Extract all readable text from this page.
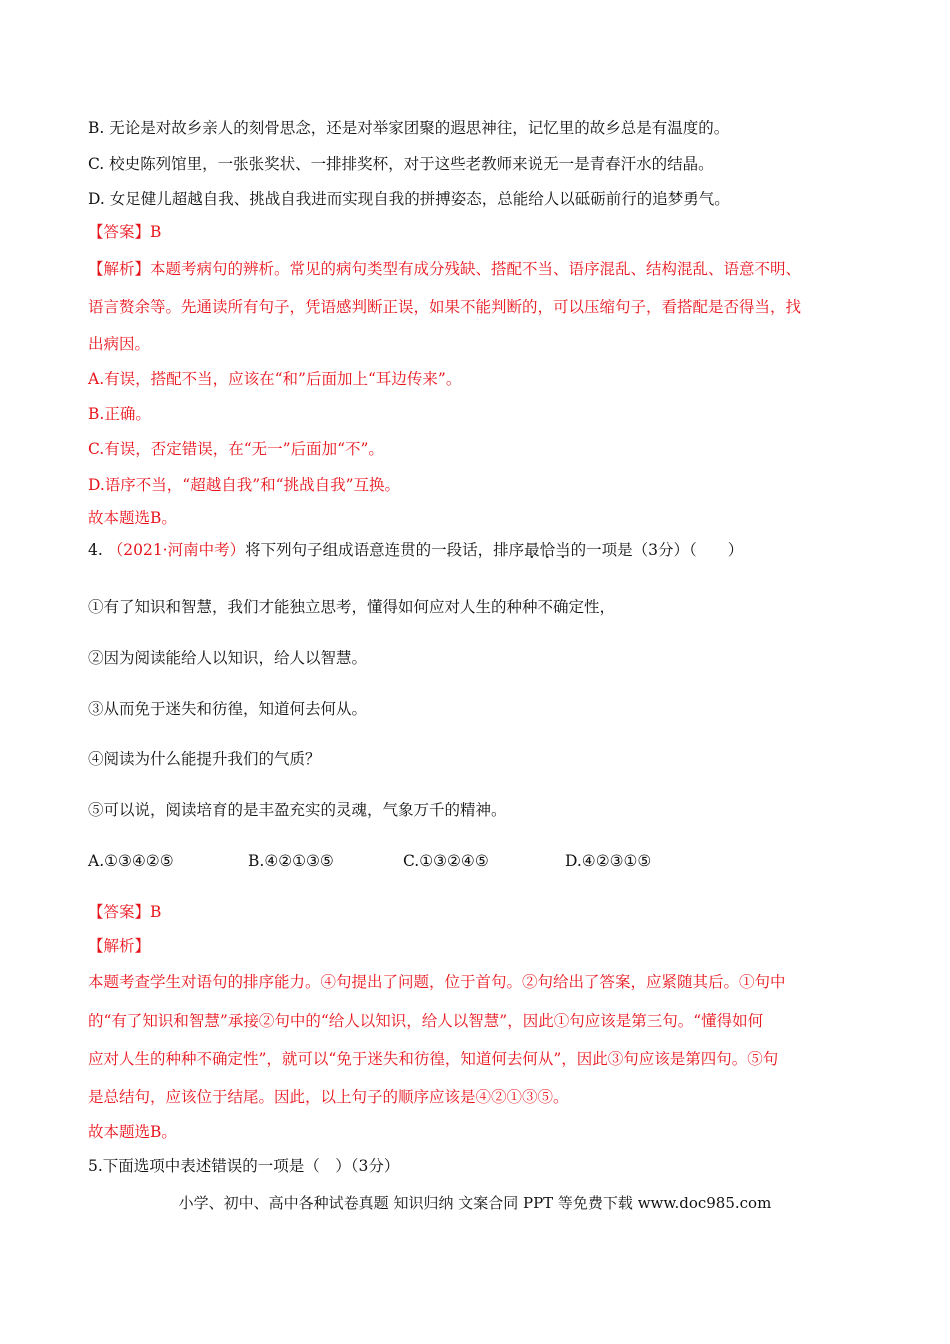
B. 无论是对故乡亲人的刻骨思念，还是对举家团聚的遐思神往，记忆里的故乡总是有温度的。
C. 校史陈列馆里，一张张奖状、一排排奖杯，对于这些老教师来说无一是青春汗水的结晶。
D. 女足健儿超越自我、挑战自我进而实现自我的拼搏姿态，总能给人以砥砺前行的追梦勇气。
【答案】B
【解析】本题考病句的辨析。常见的病句类型有成分残缺、搭配不当、语序混乱、结构混乱、语意不明、
语言赘余等。先通读所有句子，凭语感判断正误，如果不能判断的，可以压缩句子，看搭配是否得当，找
出病因。
A.有误，搭配不当，应该在“和”后面加上“耳边传来”。
B.正确。
C.有误，否定错误，在“无一”后面加“不”。
D.语序不当，“超越自我”和“挑战自我”互换。
故本题选B。
4. （2021·河南中考）将下列句子组成语意连贯的一段话，排序最恰当的一项是（3分）（　　）
①有了知识和智慧，我们才能独立思考，懂得如何应对人生的种种不确定性，
②因为阅读能给人以知识，给人以智慧。
③从而免于迷失和彷徨，知道何去何从。
④阅读为什么能提升我们的气质？
⑤可以说，阅读培育的是丰盈充实的灵魂，气象万千的精神。
A.①③④②⑤	B.④②①③⑤	C.①③②④⑤	D.④②③①⑤
【答案】B
【解析】
本题考查学生对语句的排序能力。④句提出了问题，位于首句。②句给出了答案，应紧随其后。①句中
的“有了知识和智慧”承接②句中的“给人以知识，给人以智慧”，因此①句应该是第三句。“懂得如何
应对人生的种种不确定性”，就可以“免于迷失和彷徨，知道何去何从”，因此③句应该是第四句。⑤句
是总结句，应该位于结尾。因此，以上句子的顺序应该是④②①③⑤。
故本题选B。
5.下面选项中表述错误的一项是（　）（3分）
小学、初中、高中各种试卷真题 知识归纳 文案合同 PPT 等免费下载 www.doc985.com
